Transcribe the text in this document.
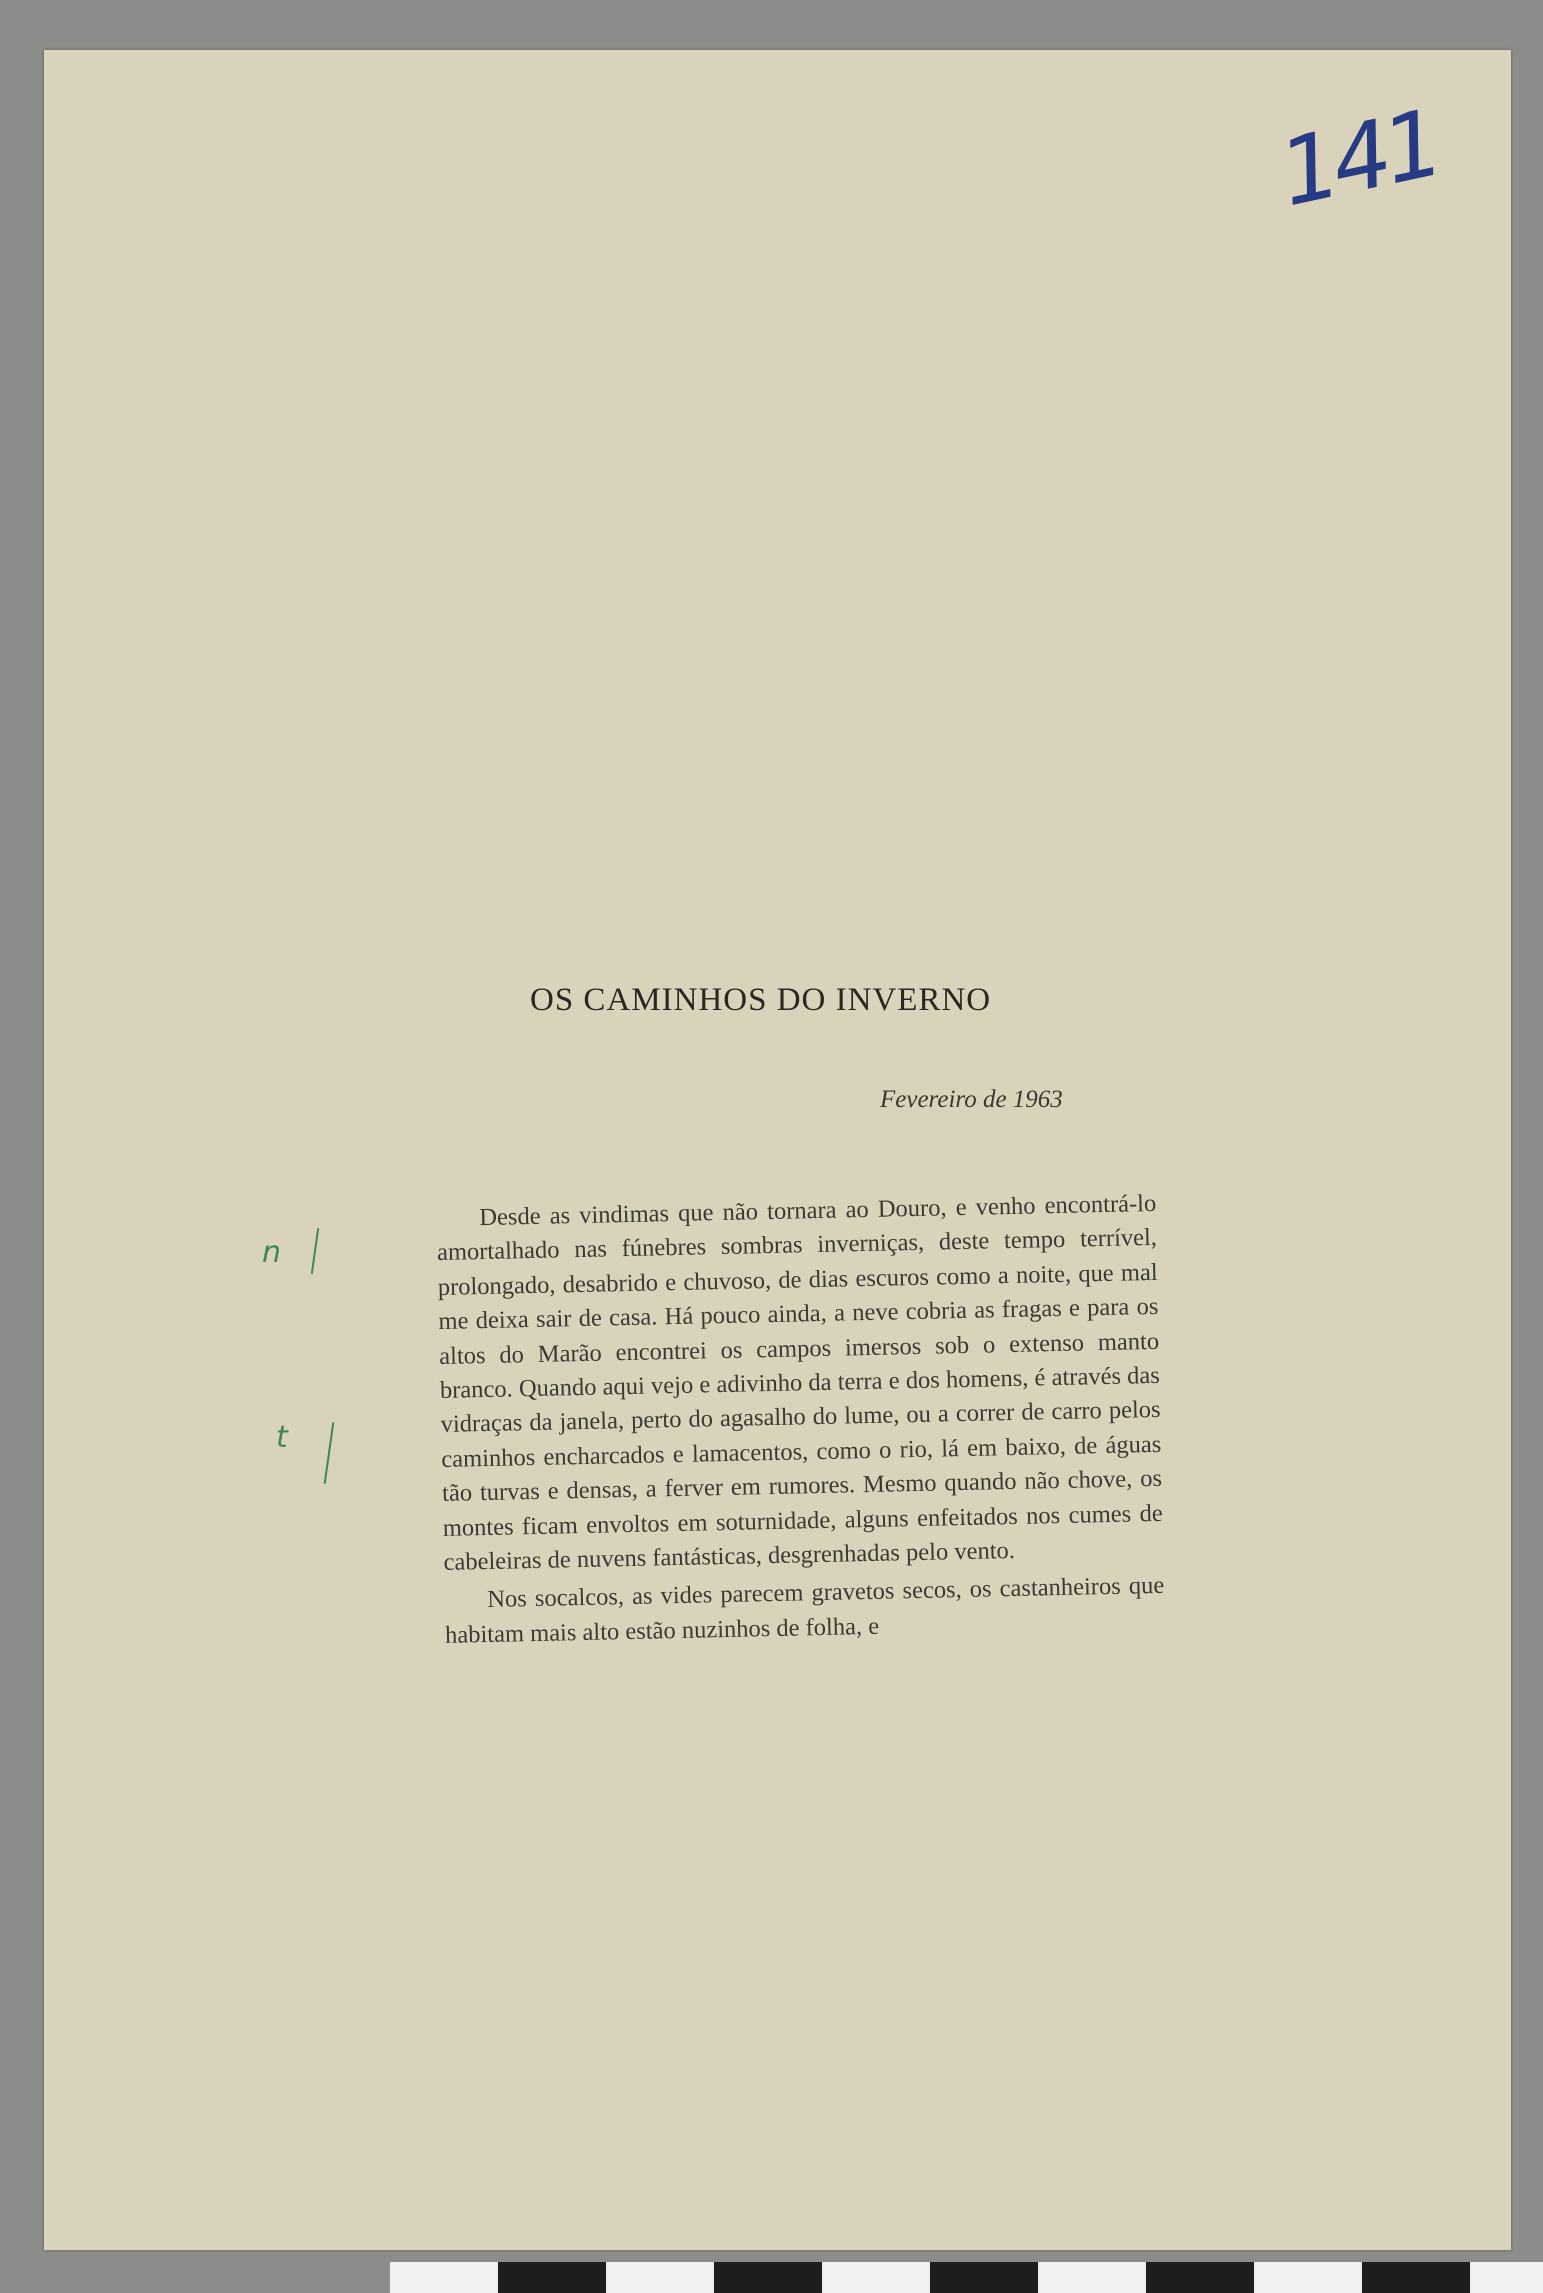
141
OS CAMINHOS DO INVERNO
Fevereiro de 1963
n
t

Desde as vindimas que não tornara ao Douro, e venho encontrá-lo amortalhado nas fúnebres sombras inverniças, deste tempo terrível, prolongado, desabrido e chuvoso, de dias escuros como a noite, que mal me deixa sair de casa. Há pouco ainda, a neve cobria as fragas e para os altos do Marão encontrei os campos imersos sob o extenso manto branco. Quando aqui vejo e adivinho da terra e dos homens, é através das vidraças da janela, perto do agasalho do lume, ou a correr de carro pelos caminhos encharcados e lamacentos, como o rio, lá em baixo, de águas tão turvas e densas, a ferver em rumores. Mesmo quando não chove, os montes ficam envoltos em soturnidade, alguns enfeitados nos cumes de cabeleiras de nuvens fantásticas, desgrenhadas pelo vento.

Nos socalcos, as vides parecem gravetos secos, os castanheiros que habitam mais alto estão nuzinhos de folha, e
